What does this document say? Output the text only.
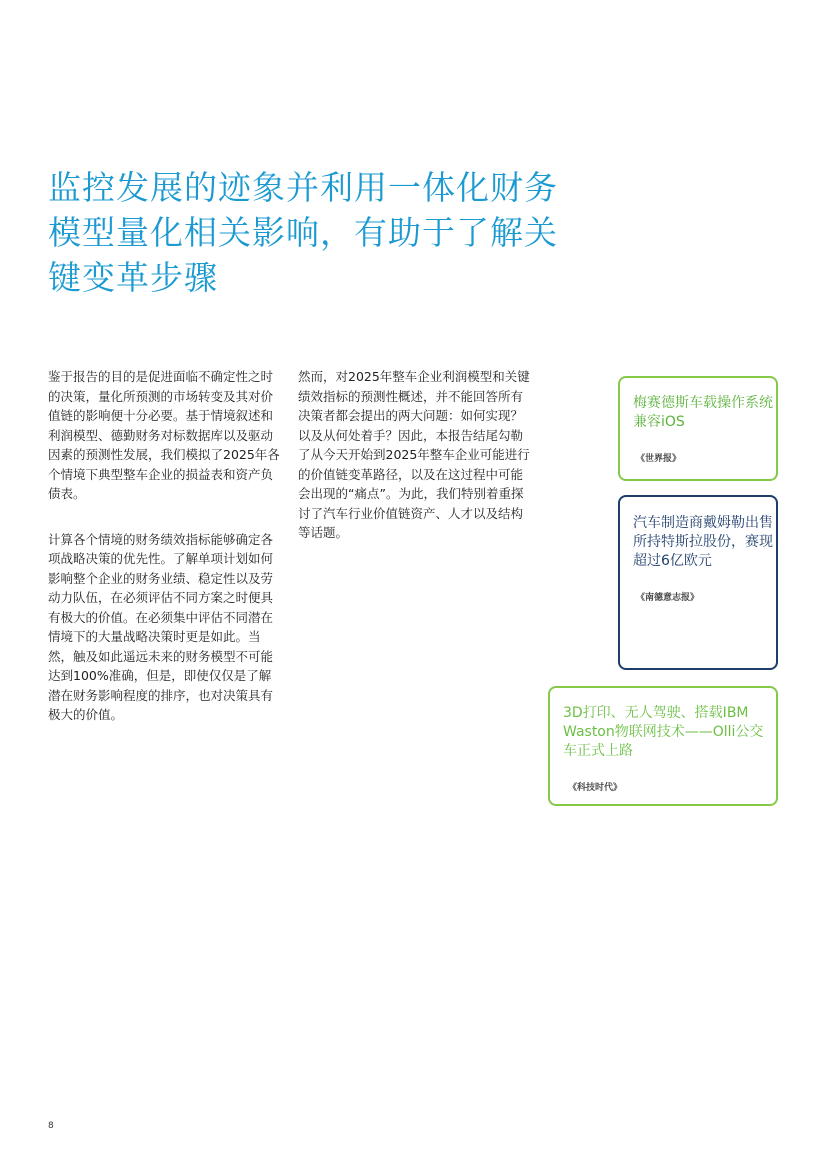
监控发展的迹象并利用一体化财务模型量化相关影响，有助于了解关键变革步骤

鉴于报告的目的是促进面临不确定性之时的决策，量化所预测的市场转变及其对价值链的影响便十分必要。基于情境叙述和利润模型、德勤财务对标数据库以及驱动因素的预测性发展，我们模拟了2025年各个情境下典型整车企业的损益表和资产负债表。

计算各个情境的财务绩效指标能够确定各项战略决策的优先性。了解单项计划如何影响整个企业的财务业绩、稳定性以及劳动力队伍，在必须评估不同方案之时便具有极大的价值。在必须集中评估不同潜在情境下的大量战略决策时更是如此。当然，触及如此遥远未来的财务模型不可能达到100%准确，但是，即使仅仅是了解潜在财务影响程度的排序，也对决策具有极大的价值。

然而，对2025年整车企业利润模型和关键绩效指标的预测性概述，并不能回答所有决策者都会提出的两大问题：如何实现？以及从何处着手？因此，本报告结尾勾勒了从今天开始到2025年整车企业可能进行的价值链变革路径，以及在这过程中可能会出现的“痛点”。为此，我们特别着重探讨了汽车行业价值链资产、人才以及结构等话题。

梅赛德斯车载操作系统兼容iOS

《世界报》

汽车制造商戴姆勒出售所持特斯拉股份，赛现超过6亿欧元

《南德意志报》

3D打印、无人驾驶、搭载IBM Waston物联网技术——Olli公交车正式上路

《科技时代》
8
